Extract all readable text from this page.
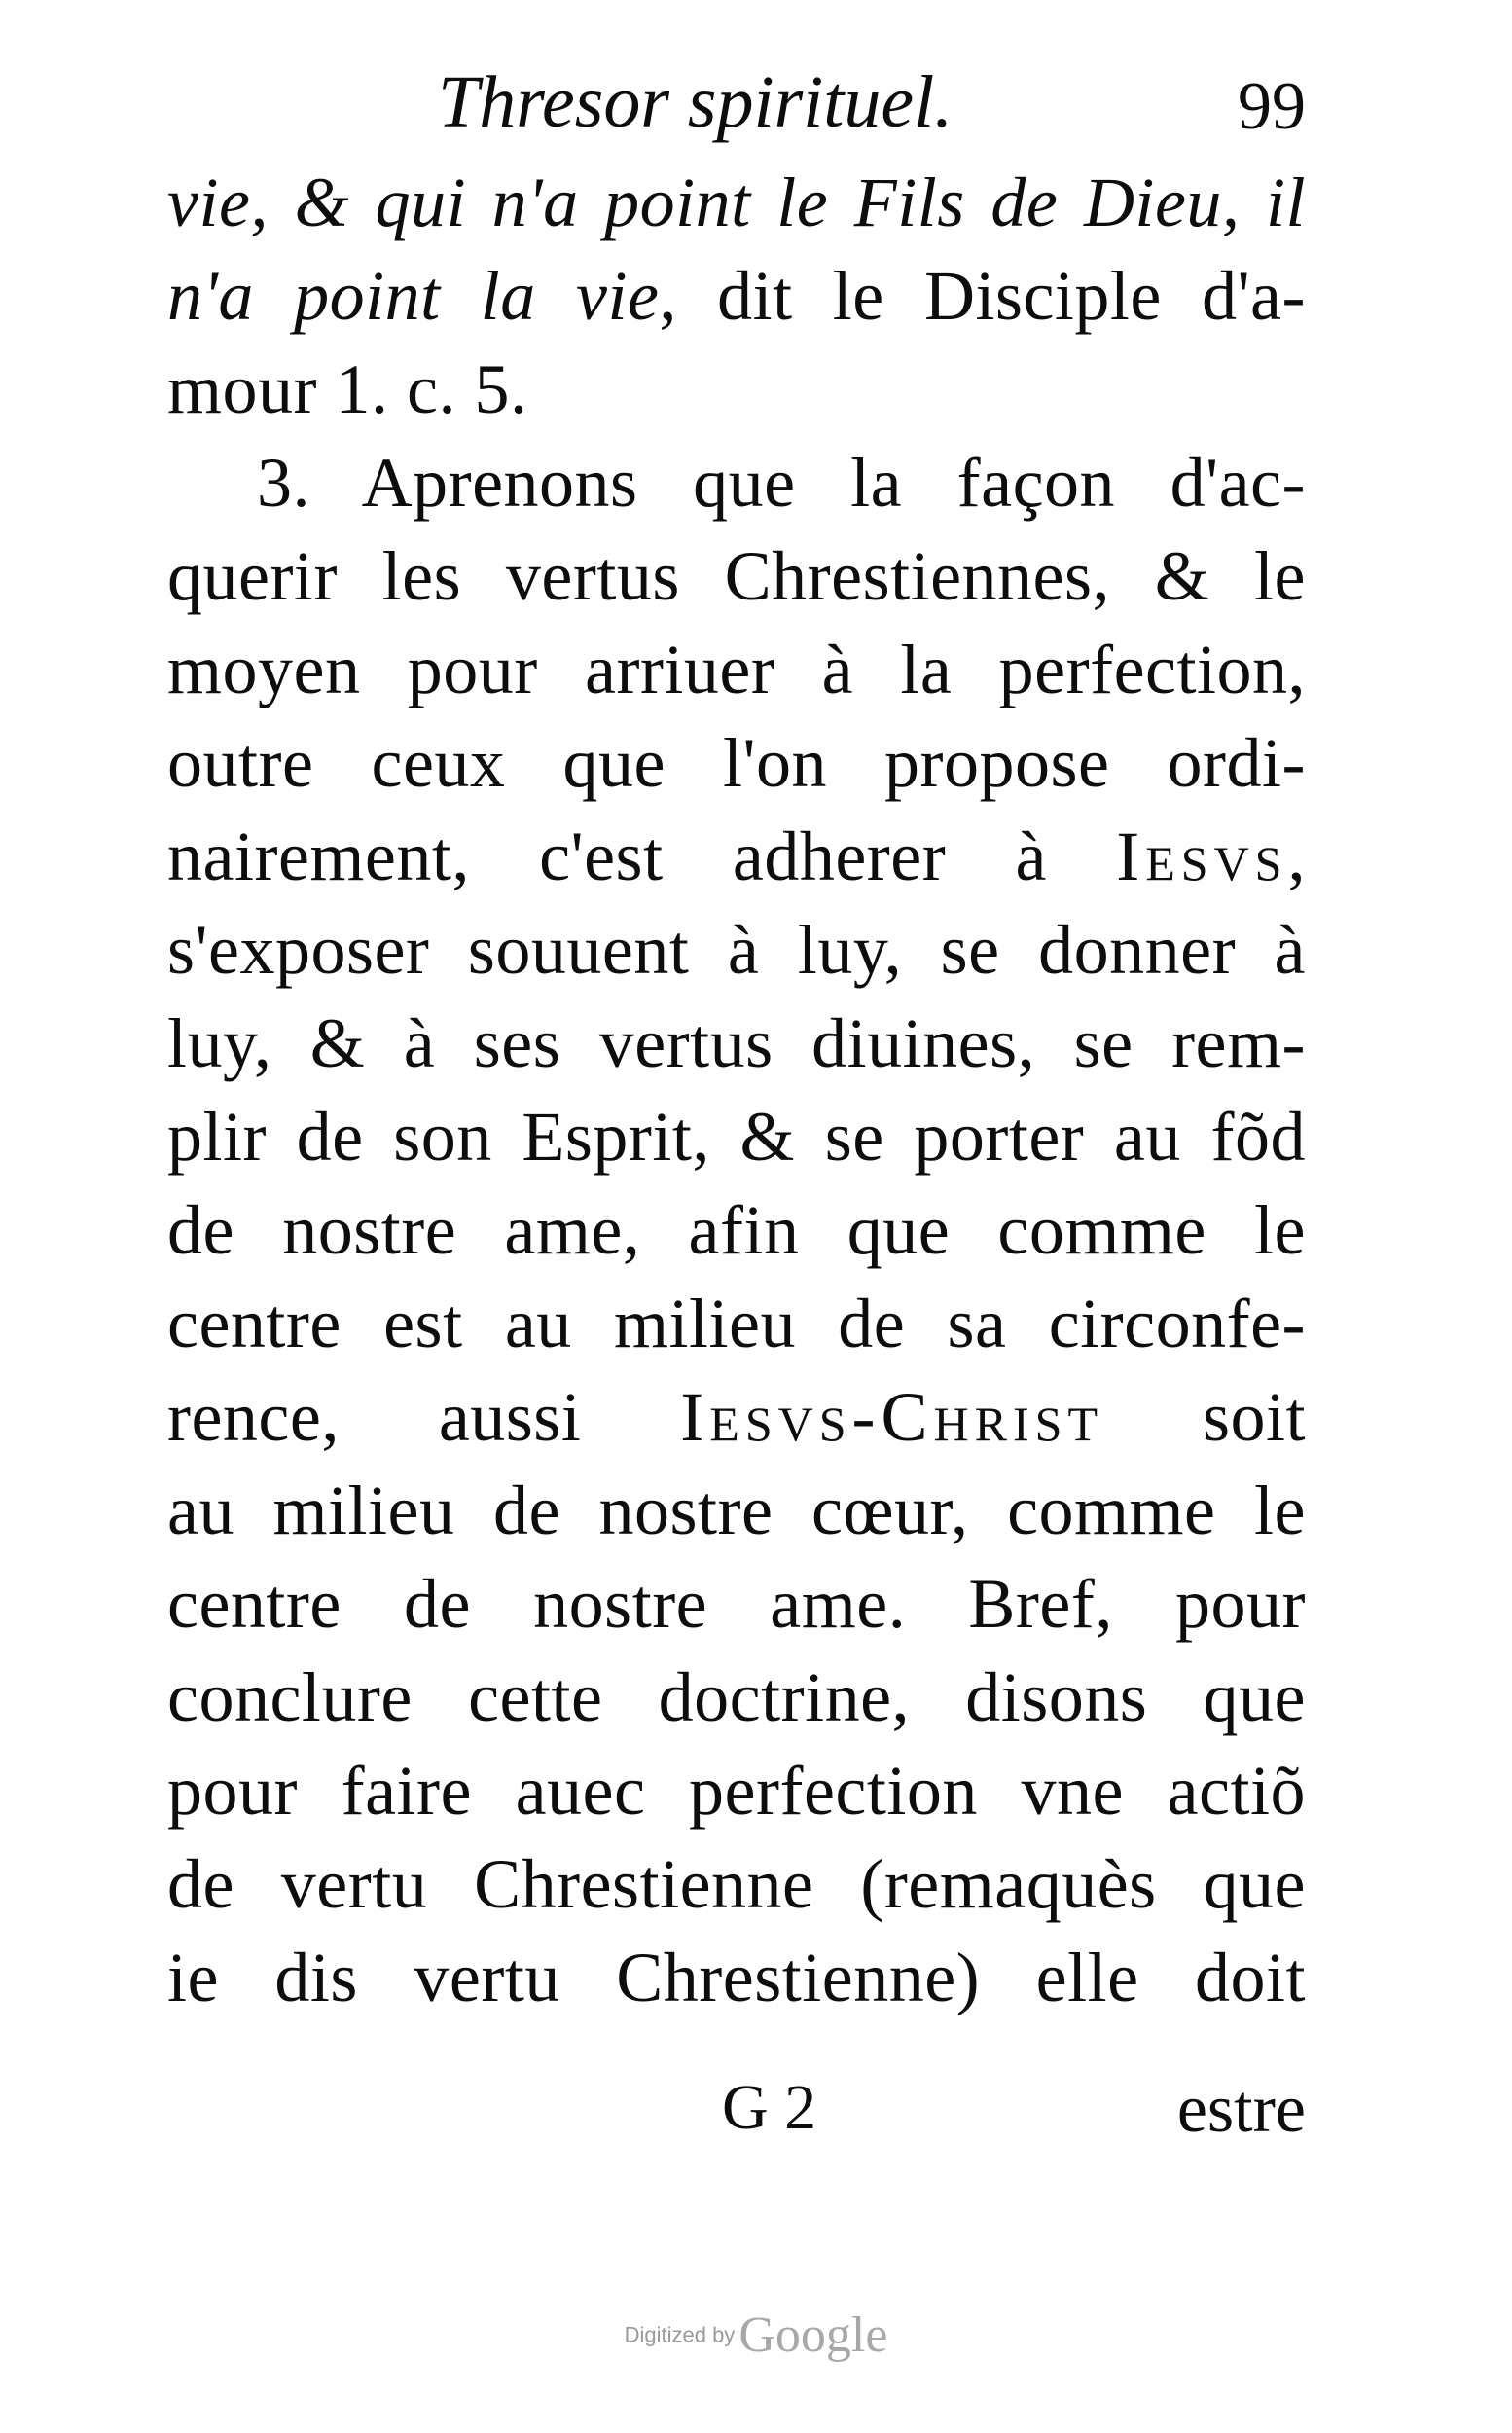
Thresor spirituel.	99
vie, & qui n'a point le Fils de Dieu, il
n'a point la vie, dit le Disciple d'a-
mour 1. c. 5.
3. Aprenons que la façon d'ac-
querir les vertus Chrestiennes, & le
moyen pour arriuer à la perfection,
outre ceux que l'on propose ordi-
nairement, c'est adherer à Iesvs,
s'exposer souuent à luy, se donner à
luy, & à ses vertus diuines, se rem-
plir de son Esprit, & se porter au fõd
de nostre ame, afin que comme le
centre est au milieu de sa circonfe-
rence, aussi Iesvs-Christ soit
au milieu de nostre cœur, comme le
centre de nostre ame. Bref, pour
conclure cette doctrine, disons que
pour faire auec perfection vne actiõ
de vertu Chrestienne (remaquès que
ie dis vertu Chrestienne) elle doit
G 2	estre
Digitized by Google
